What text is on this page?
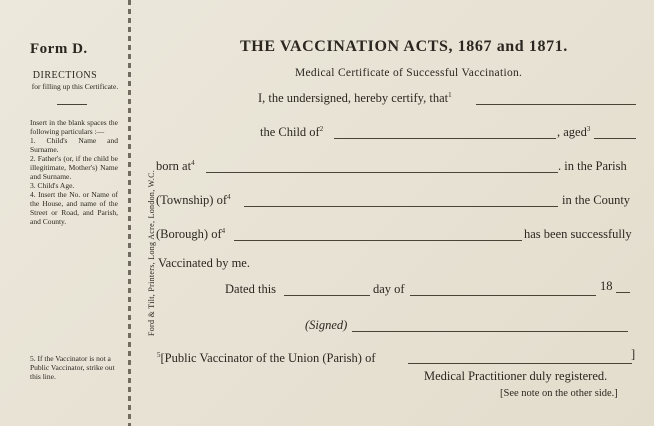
Form D.
DIRECTIONS
for filling up this Certificate.
Insert in the blank spaces the following particulars :—
1. Child's Name and Surname.
2. Father's (or, if the child be illegitimate, Mother's) Name and Surname.
3. Child's Age.
4. Insert the No. or Name of the House, and name of the Street or Road, and Parish, and County.
5. If the Vaccinator is not a Public Vaccinator, strike out this line.
Ford & Tilt, Printers, Long Acre, London, W.C.
THE VACCINATION ACTS, 1867 and 1871.
Medical Certificate of Successful Vaccination.
I, the undersigned, hereby certify, that$^1$
the Child $of^2$	, aged$^3$
born $at^4$	. in the Parish
(Township) $of^4$	in the County
(Borough) $of^4$	has been successfully
Vaccinated by me.
Dated this	day of	18
(Signed)
$^5$[Public Vaccinator of the Union (Parish) of	]
Medical Practitioner duly registered.
[See note on the other side.]
